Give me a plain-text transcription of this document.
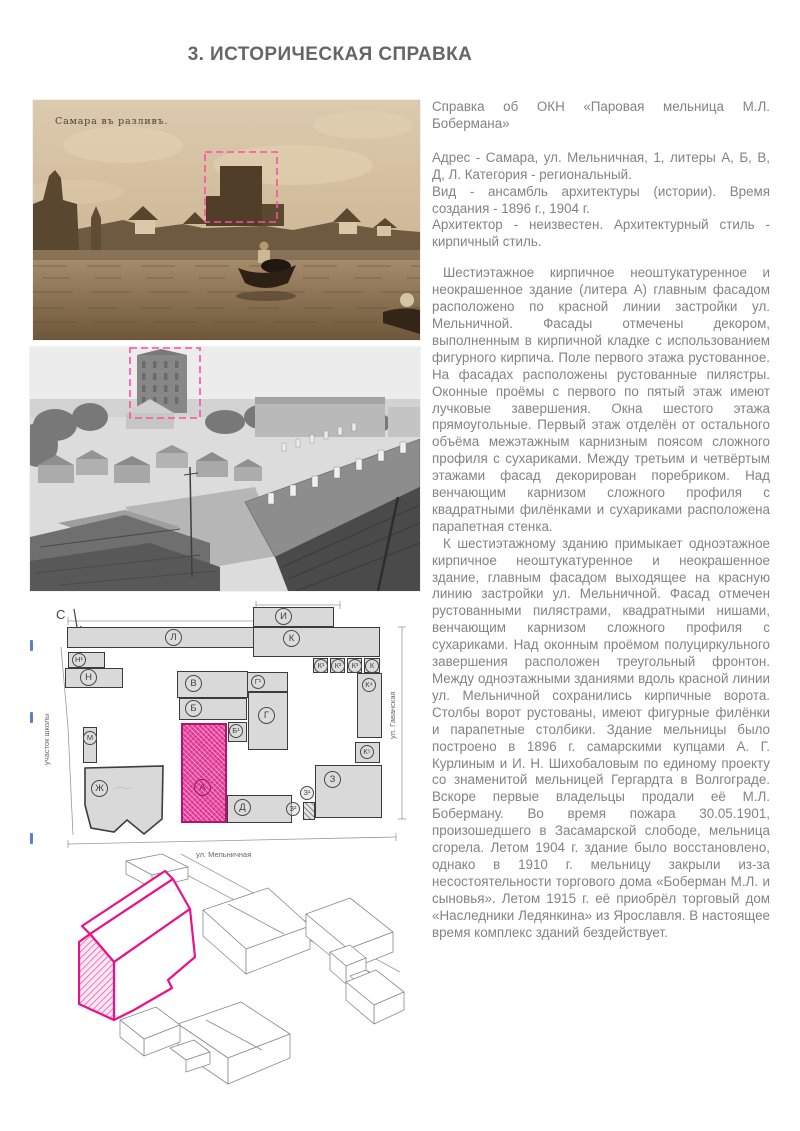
3. ИСТОРИЧЕСКАЯ СПРАВКА
Самара въ разливъ.
Л
И
К
Н¹
Н
В
Б
Г¹
Г
Б¹
М
Ж	А
Д
З
З¹
З²
К¹	К²	К³	К
К⁴
К⁵
С
ул. Мельничная
ул. Гаванская
участок школы

Справка об ОКН «Паровая мельница М.Л. Бобермана»

Адрес - Самара, ул. Мельничная, 1, литеры А, Б, В, Д, Л. Категория - региональный.

Вид - ансамбль архитектуры (истории). Время создания - 1896 г., 1904 г.

Архитектор - неизвестен. Архитектурный стиль - кирпичный стиль.

Шестиэтажное кирпичное неоштукатуренное и неокрашенное здание (литера А) главным фасадом расположено по красной линии застройки ул. Мельничной. Фасады отмечены декором, выполненным в кирпичной кладке с использованием фигурного кирпича. Поле первого этажа рустованное. На фасадах расположены рустованные пилястры. Оконные проёмы с первого по пятый этаж имеют лучковые завершения. Окна шестого этажа прямоугольные. Первый этаж отделён от остального объёма межэтажным карнизным поясом сложного профиля с сухариками. Между третьим и четвёртым этажами фасад декорирован поребриком. Над венчающим карнизом сложного профиля с квадратными филёнками и сухариками расположена парапетная стенка.

К шестиэтажному зданию примыкает одноэтажное кирпичное неоштукатуренное и неокрашенное здание, главным фасадом выходящее на красную линию застройки ул. Мельничной. Фасад отмечен рустованными пилястрами, квадратными нишами, венчающим карнизом сложного профиля с сухариками. Над оконным проёмом полуциркульного завершения расположен треугольный фронтон. Между одноэтажными зданиями вдоль красной линии ул. Мельничной сохранились кирпичные ворота. Столбы ворот рустованы, имеют фигурные филёнки и парапетные столбики. Здание мельницы было построено в 1896 г. самарскими купцами А. Г. Курлиным и И. Н. Шихобаловым по единому проекту со знаменитой мельницей Гергардта в Волгограде. Вскоре первые владельцы продали её М.Л. Боберману. Во время пожара 30.05.1901, произошедшего в Засамарской слободе, мельница сгорела. Летом 1904 г. здание было восстановлено, однако в 1910 г. мельницу закрыли из-за несостоятельности торгового дома «Боберман М.Л. и сыновья». Летом 1915 г. её приобрёл торговый дом «Наследники Ледянкина» из Ярославля. В настоящее время комплекс зданий бездействует.
